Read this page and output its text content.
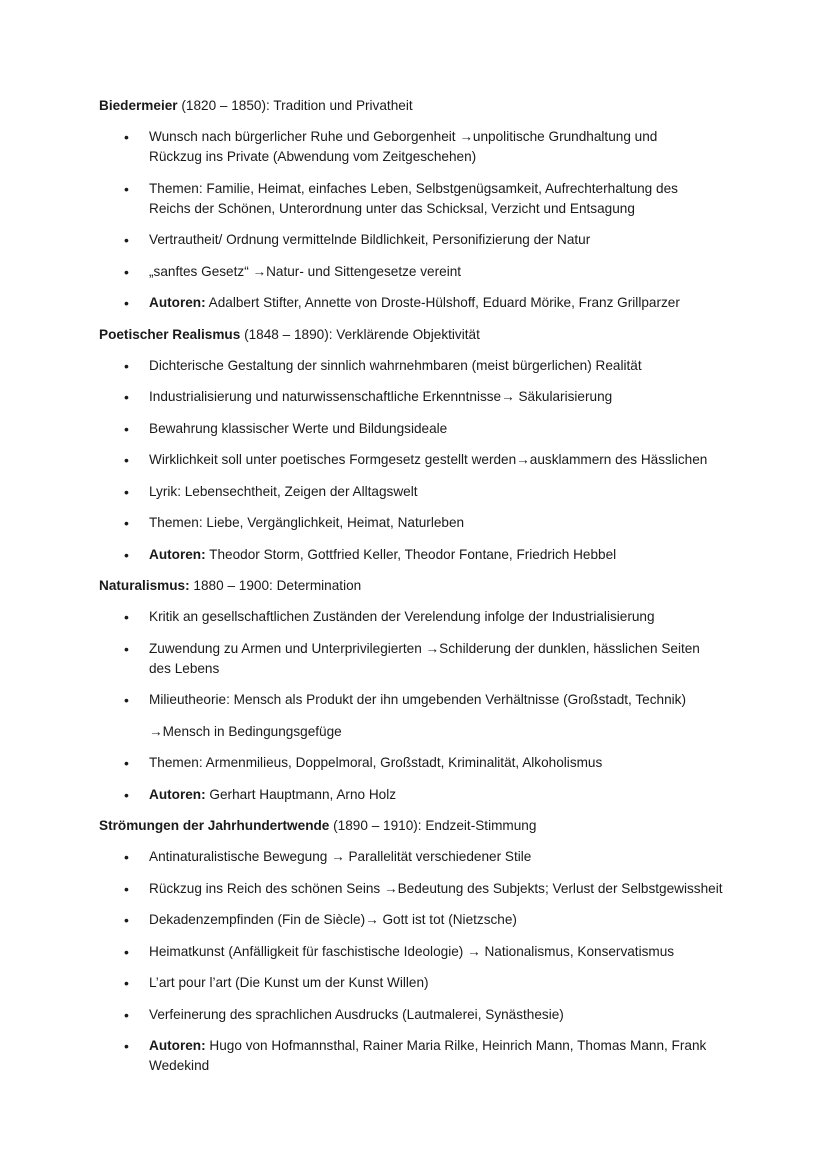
Biedermeier (1820 – 1850): Tradition und Privatheit

• Wunsch nach bürgerlicher Ruhe und Geborgenheit →unpolitische Grundhaltung und
Rückzug ins Private (Abwendung vom Zeitgeschehen)
• Themen: Familie, Heimat, einfaches Leben, Selbstgenügsamkeit, Aufrechterhaltung des
Reichs der Schönen, Unterordnung unter das Schicksal, Verzicht und Entsagung
• Vertrautheit/ Ordnung vermittelnde Bildlichkeit, Personifizierung der Natur
• „sanftes Gesetz“ →Natur- und Sittengesetze vereint
• Autoren: Adalbert Stifter, Annette von Droste-Hülshoff, Eduard Mörike, Franz Grillparzer

Poetischer Realismus (1848 – 1890): Verklärende Objektivität

• Dichterische Gestaltung der sinnlich wahrnehmbaren (meist bürgerlichen) Realität
• Industrialisierung und naturwissenschaftliche Erkenntnisse→ Säkularisierung
• Bewahrung klassischer Werte und Bildungsideale
• Wirklichkeit soll unter poetisches Formgesetz gestellt werden→ausklammern des Hässlichen
• Lyrik: Lebensechtheit, Zeigen der Alltagswelt
• Themen: Liebe, Vergänglichkeit, Heimat, Naturleben
• Autoren: Theodor Storm, Gottfried Keller, Theodor Fontane, Friedrich Hebbel

Naturalismus: 1880 – 1900: Determination

• Kritik an gesellschaftlichen Zuständen der Verelendung infolge der Industrialisierung
• Zuwendung zu Armen und Unterprivilegierten →Schilderung der dunklen, hässlichen Seiten
des Lebens
• Milieutheorie: Mensch als Produkt der ihn umgebenden Verhältnisse (Großstadt, Technik)
→Mensch in Bedingungsgefüge
• Themen: Armenmilieus, Doppelmoral, Großstadt, Kriminalität, Alkoholismus
• Autoren: Gerhart Hauptmann, Arno Holz

Strömungen der Jahrhundertwende (1890 – 1910): Endzeit-Stimmung

• Antinaturalistische Bewegung → Parallelität verschiedener Stile
• Rückzug ins Reich des schönen Seins →Bedeutung des Subjekts; Verlust der Selbstgewissheit
• Dekadenzempfinden (Fin de Siècle)→ Gott ist tot (Nietzsche)
• Heimatkunst (Anfälligkeit für faschistische Ideologie) → Nationalismus, Konservatismus
• L’art pour l’art (Die Kunst um der Kunst Willen)
• Verfeinerung des sprachlichen Ausdrucks (Lautmalerei, Synästhesie)
• Autoren: Hugo von Hofmannsthal, Rainer Maria Rilke, Heinrich Mann, Thomas Mann, Frank
Wedekind
